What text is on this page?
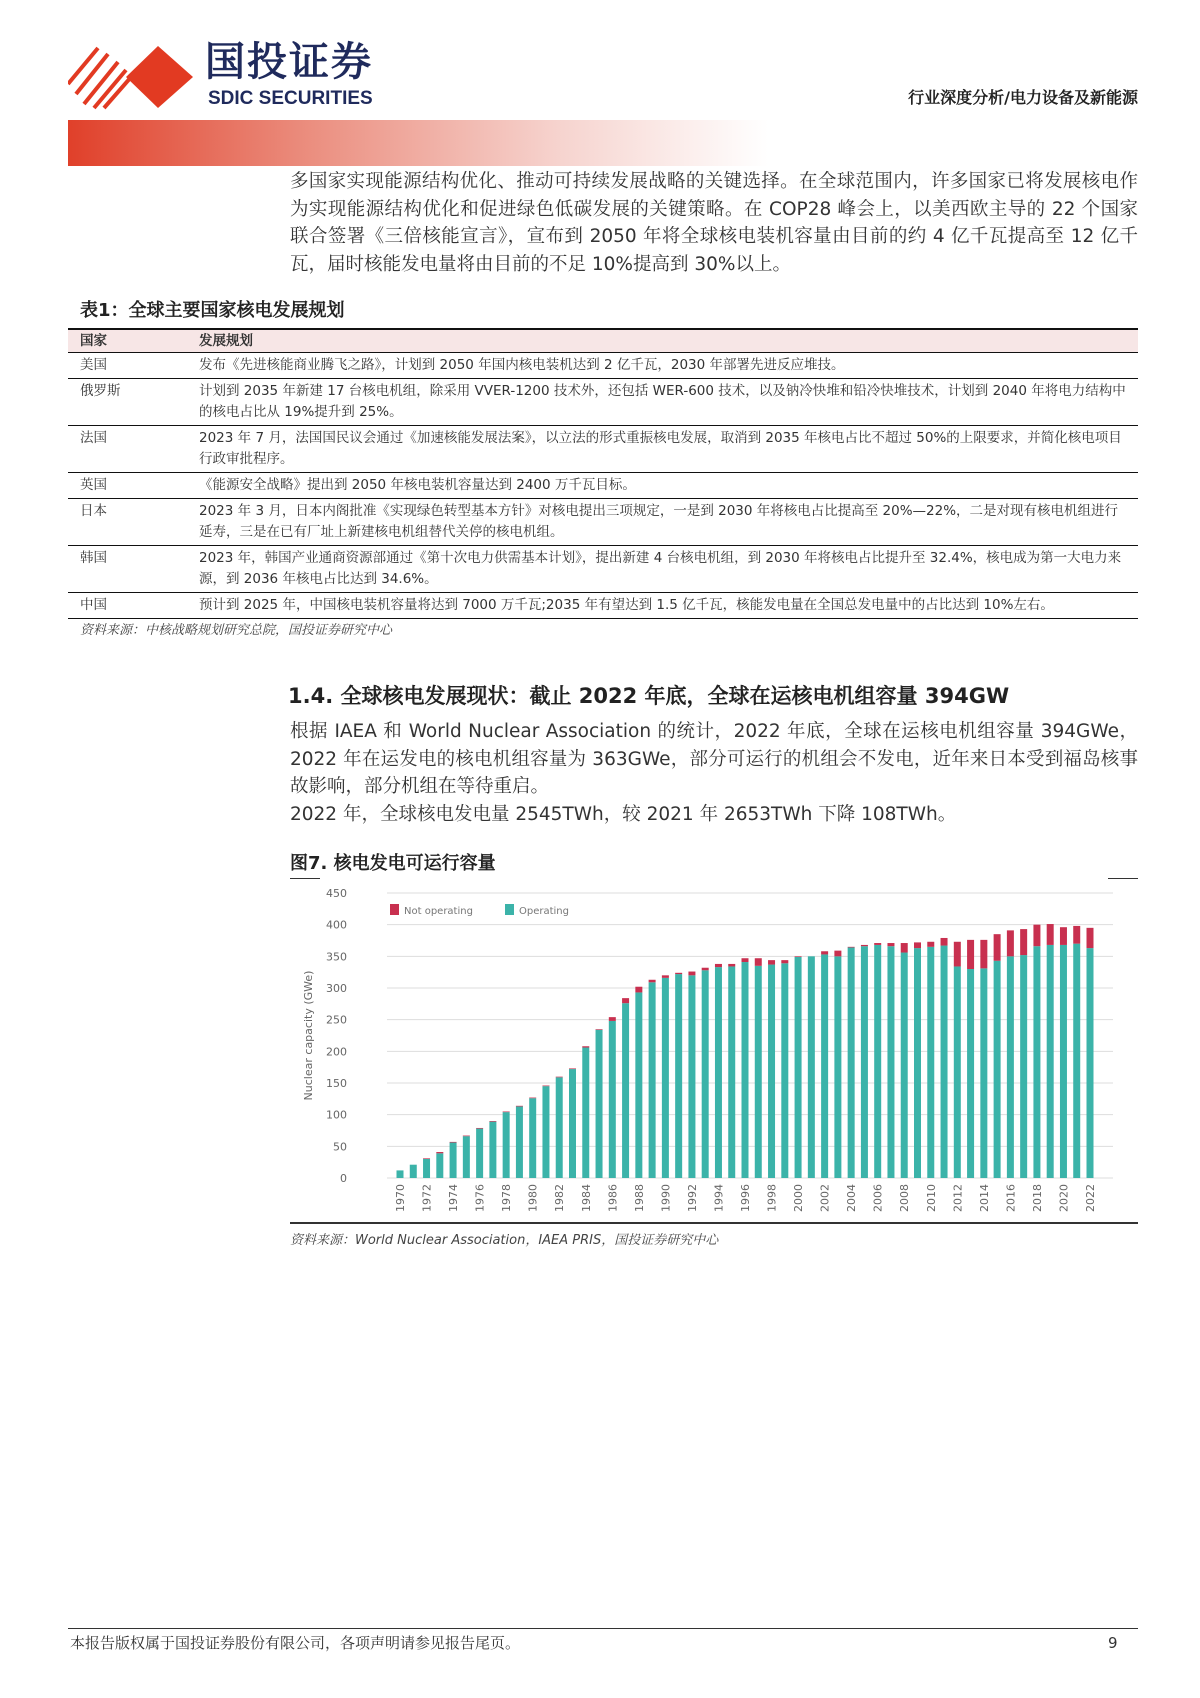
国投证券
SDIC SECURITIES	行业深度分析/电力设备及新能源
多国家实现能源结构优化、推动可持续发展战略的关键选择。在全球范围内，许多国家已将发展核电作为实现能源结构优化和促进绿色低碳发展的关键策略。在 COP28 峰会上，以美西欧主导的 22 个国家联合签署《三倍核能宣言》，宣布到 2050 年将全球核电装机容量由目前的约 4 亿千瓦提高至 12 亿千瓦，届时核能发电量将由目前的不足 10%提高到 30%以上。
表1：全球主要国家核电发展规划
国家	发展规划
美国	发布《先进核能商业腾飞之路》，计划到 2050 年国内核电装机达到 2 亿千瓦，2030 年部署先进反应堆技。
俄罗斯	计划到 2035 年新建 17 台核电机组，除采用 VVER-1200 技术外，还包括 WER-600 技术，以及钠冷快堆和铅冷快堆技术，计划到 2040 年将电力结构中的核电占比从 19%提升到 25%。
法国	2023 年 7 月，法国国民议会通过《加速核能发展法案》，以立法的形式重振核电发展，取消到 2035 年核电占比不超过 50%的上限要求，并简化核电项目行政审批程序。
英国	《能源安全战略》提出到 2050 年核电装机容量达到 2400 万千瓦目标。
日本	2023 年 3 月，日本内阁批准《实现绿色转型基本方针》对核电提出三项规定，一是到 2030 年将核电占比提高至 20%—22%，二是对现有核电机组进行延寿，三是在已有厂址上新建核电机组替代关停的核电机组。
韩国	2023 年，韩国产业通商资源部通过《第十次电力供需基本计划》，提出新建 4 台核电机组，到 2030 年将核电占比提升至 32.4%，核电成为第一大电力来源，到 2036 年核电占比达到 34.6%。
中国	预计到 2025 年，中国核电装机容量将达到 7000 万千瓦;2035 年有望达到 1.5 亿千瓦，核能发电量在全国总发电量中的占比达到 10%左右。
资料来源：中核战略规划研究总院，国投证券研究中心
1.4. 全球核电发展现状：截止 2022 年底，全球在运核电机组容量 394GW
根据 IAEA 和 World Nuclear Association 的统计，2022 年底，全球在运核电机组容量 394GWe，2022 年在运发电的核电机组容量为 363GWe，部分可运行的机组会不发电，近年来日本受到福岛核事故影响，部分机组在等待重启。
2022 年，全球核电发电量 2545TWh，较 2021 年 2653TWh 下降 108TWh。
图7. 核电发电可运行容量
0
50
100
150
200
250
300
350
400
450
Nuclear capacity (GWe)
1970 1972 1974 1976 1978 1980 1982 1984 1986 1988 1990 1992 1994 1996 1998 2000 2002 2004 2006 2008 2010 2012 2014 2016 2018 2020 2022
Not operating	Operating
资料来源：World Nuclear Association，IAEA PRIS，国投证券研究中心
本报告版权属于国投证券股份有限公司，各项声明请参见报告尾页。	9
